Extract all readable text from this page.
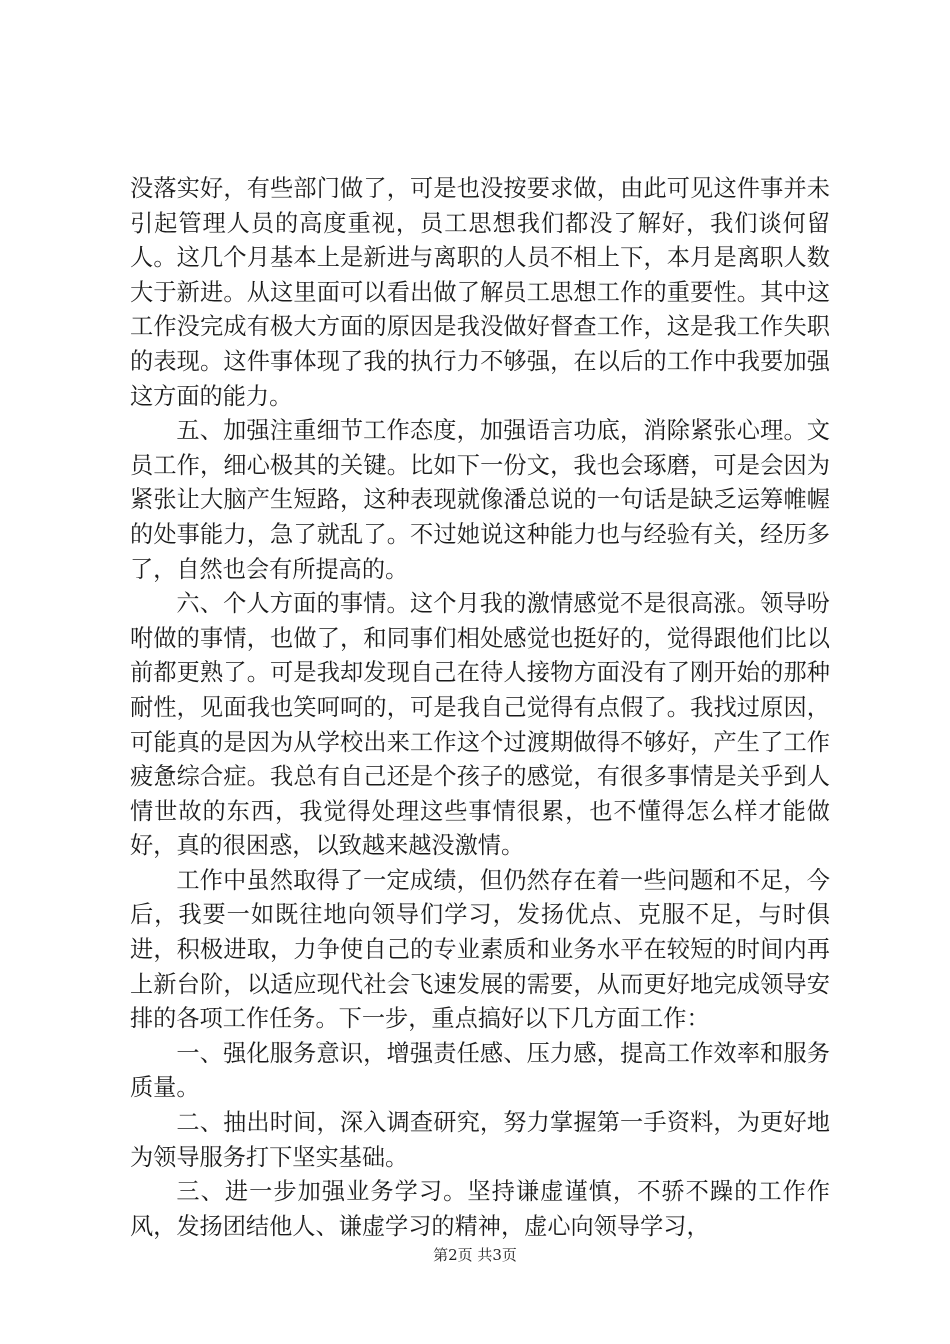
没落实好，有些部门做了，可是也没按要求做，由此可见这件事并未引起管理人员的高度重视，员工思想我们都没了解好，我们谈何留人。这几个月基本上是新进与离职的人员不相上下，本月是离职人数大于新进。从这里面可以看出做了解员工思想工作的重要性。其中这工作没完成有极大方面的原因是我没做好督查工作，这是我工作失职的表现。这件事体现了我的执行力不够强，在以后的工作中我要加强这方面的能力。

五、加强注重细节工作态度，加强语言功底，消除紧张心理。文员工作，细心极其的关键。比如下一份文，我也会琢磨，可是会因为紧张让大脑产生短路，这种表现就像潘总说的一句话是缺乏运筹帷幄的处事能力，急了就乱了。不过她说这种能力也与经验有关，经历多了，自然也会有所提高的。

六、个人方面的事情。这个月我的激情感觉不是很高涨。领导吩咐做的事情，也做了，和同事们相处感觉也挺好的，觉得跟他们比以前都更熟了。可是我却发现自己在待人接物方面没有了刚开始的那种耐性，见面我也笑呵呵的，可是我自己觉得有点假了。我找过原因，可能真的是因为从学校出来工作这个过渡期做得不够好，产生了工作疲惫综合症。我总有自己还是个孩子的感觉，有很多事情是关乎到人情世故的东西，我觉得处理这些事情很累，也不懂得怎么样才能做好，真的很困惑，以致越来越没激情。

工作中虽然取得了一定成绩，但仍然存在着一些问题和不足，今后，我要一如既往地向领导们学习，发扬优点、克服不足，与时俱进，积极进取，力争使自己的专业素质和业务水平在较短的时间内再上新台阶，以适应现代社会飞速发展的需要，从而更好地完成领导安排的各项工作任务。下一步，重点搞好以下几方面工作：

一、强化服务意识，增强责任感、压力感，提高工作效率和服务质量。

二、抽出时间，深入调查研究，努力掌握第一手资料，为更好地为领导服务打下坚实基础。

三、进一步加强业务学习。坚持谦虚谨慎，不骄不躁的工作作风，发扬团结他人、谦虚学习的精神，虚心向领导学习，

第2页 共3页
